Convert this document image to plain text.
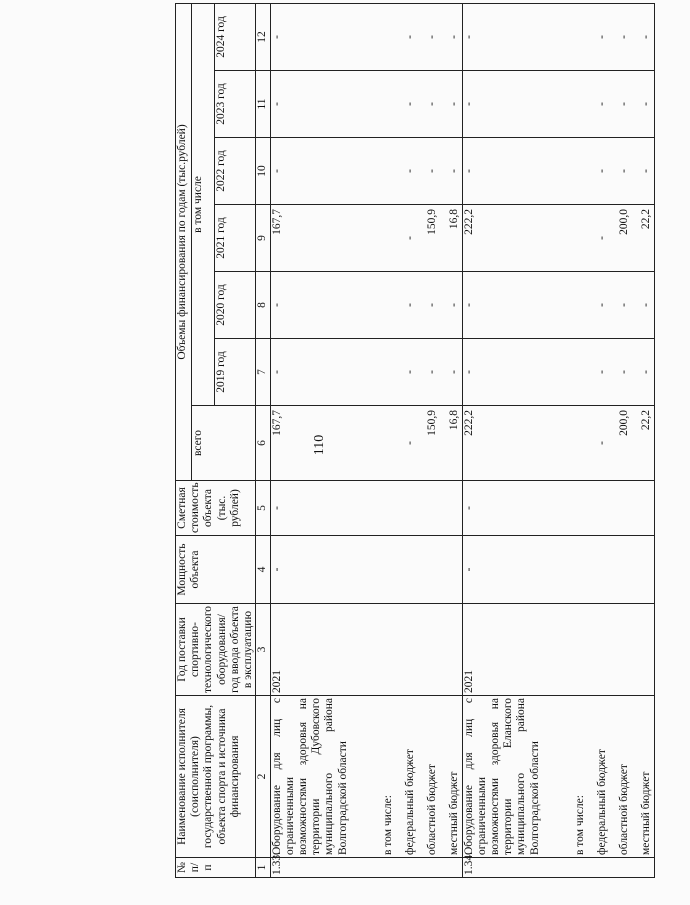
110
№
п/п	Наименование исполнителя (соисполнителя) государственной программы, объекта спорта и источника финансирования	Год поставки спортивно-технологического оборудования/ год ввода объекта в эксплуатацию	Мощность объекта	Сметная стоимость объекта (тыс. рублей)	Объемы финансирования по годам (тыс.рублей)						
					всего	в том числе					
						2019 год	2020 год	2021 год	2022 год	2023 год	2024 год
1	2	3	4	5	6	7	8	9	10	11	12
1.33.	Оборудование для лиц с ограниченными возможностями здоровья на территории Дубовского муниципального района Волгоградской области	2021	-	-	167,7	-	-	167,7	-	-	-
	в том числе:										
	федеральный бюджет				-	-	-	-	-	-	-
	областной бюджет				150,9	-	-	150,9	-	-	-
	местный бюджет				16,8	-	-	16,8	-	-	-
1.34.	Оборудование для лиц с ограниченными возможностями здоровья на территории Еланского муниципального района Волгоградской области	2021	-	-	222,2	-	-	222,2	-	-	-
	в том числе:										
	федеральный бюджет				-	-	-	-	-	-	-
	областной бюджет				200,0	-	-	200,0	-	-	-
	местный бюджет				22,2	-	-	22,2	-	-	-
